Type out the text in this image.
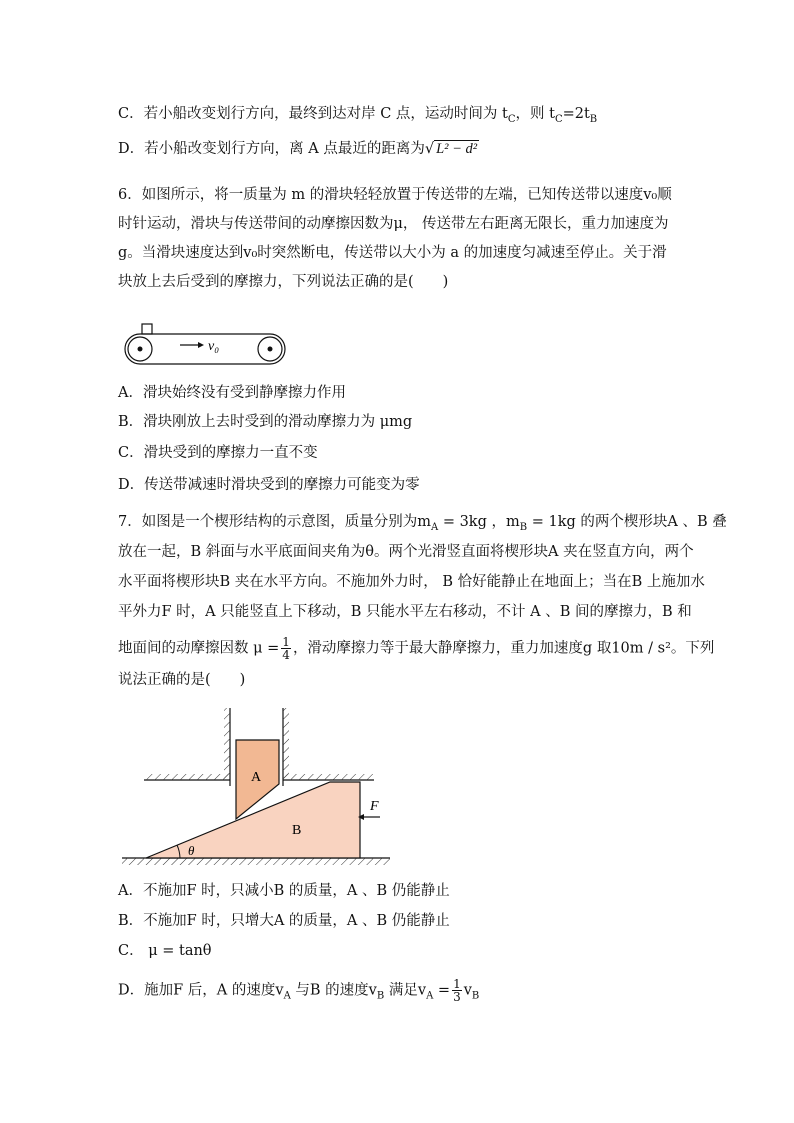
C．若小船改变划行方向，最终到达对岸 C 点，运动时间为 $t_C$，则 $t_C=2t_B$
D．若小船改变划行方向，离 A 点最近的距离为√ L² − d²
6．如图所示，将一质量为 m 的滑块轻轻放置于传送带的左端，已知传送带以速度v₀顺时针运动，滑块与传送带间的动摩擦因数为μ， 传送带左右距离无限长，重力加速度为 g。当滑块速度达到v₀时突然断电，传送带以大小为 a 的加速度匀减速至停止。关于滑块放上去后受到的摩擦力，下列说法正确的是(　　)
v₀
A．滑块始终没有受到静摩擦力作用
B．滑块刚放上去时受到的滑动摩擦力为 μmg
C．滑块受到的摩擦力一直不变
D．传送带减速时滑块受到的摩擦力可能变为零
7．如图是一个楔形结构的示意图，质量分别为$m_A = 3kg$ ，$m_B = 1kg$ 的两个楔形块A 、B 叠
放在一起，B 斜面与水平底面间夹角为θ。两个光滑竖直面将楔形块A 夹在竖直方向，两个
水平面将楔形块B 夹在水平方向。不施加外力时， B 恰好能静止在地面上；当在B 上施加水
平外力F 时，A 只能竖直上下移动，B 只能水平左右移动，不计 A 、B 间的摩擦力，B 和
地面间的动摩擦因数 $\mu = \frac{1}{4}$ ，滑动摩擦力等于最大静摩擦力，重力加速度g 取10m / s²。下列
说法正确的是(　　)
A
B
θ
F
A．不施加F 时，只减小B 的质量，A 、B 仍能静止
B．不施加F 时，只增大A 的质量，A 、B 仍能静止
C． μ = tanθ
D．施加F 后，A 的速度$v_A$ 与B 的速度$v_B$ 满足$v_A = \frac{1}{3} v_B$
